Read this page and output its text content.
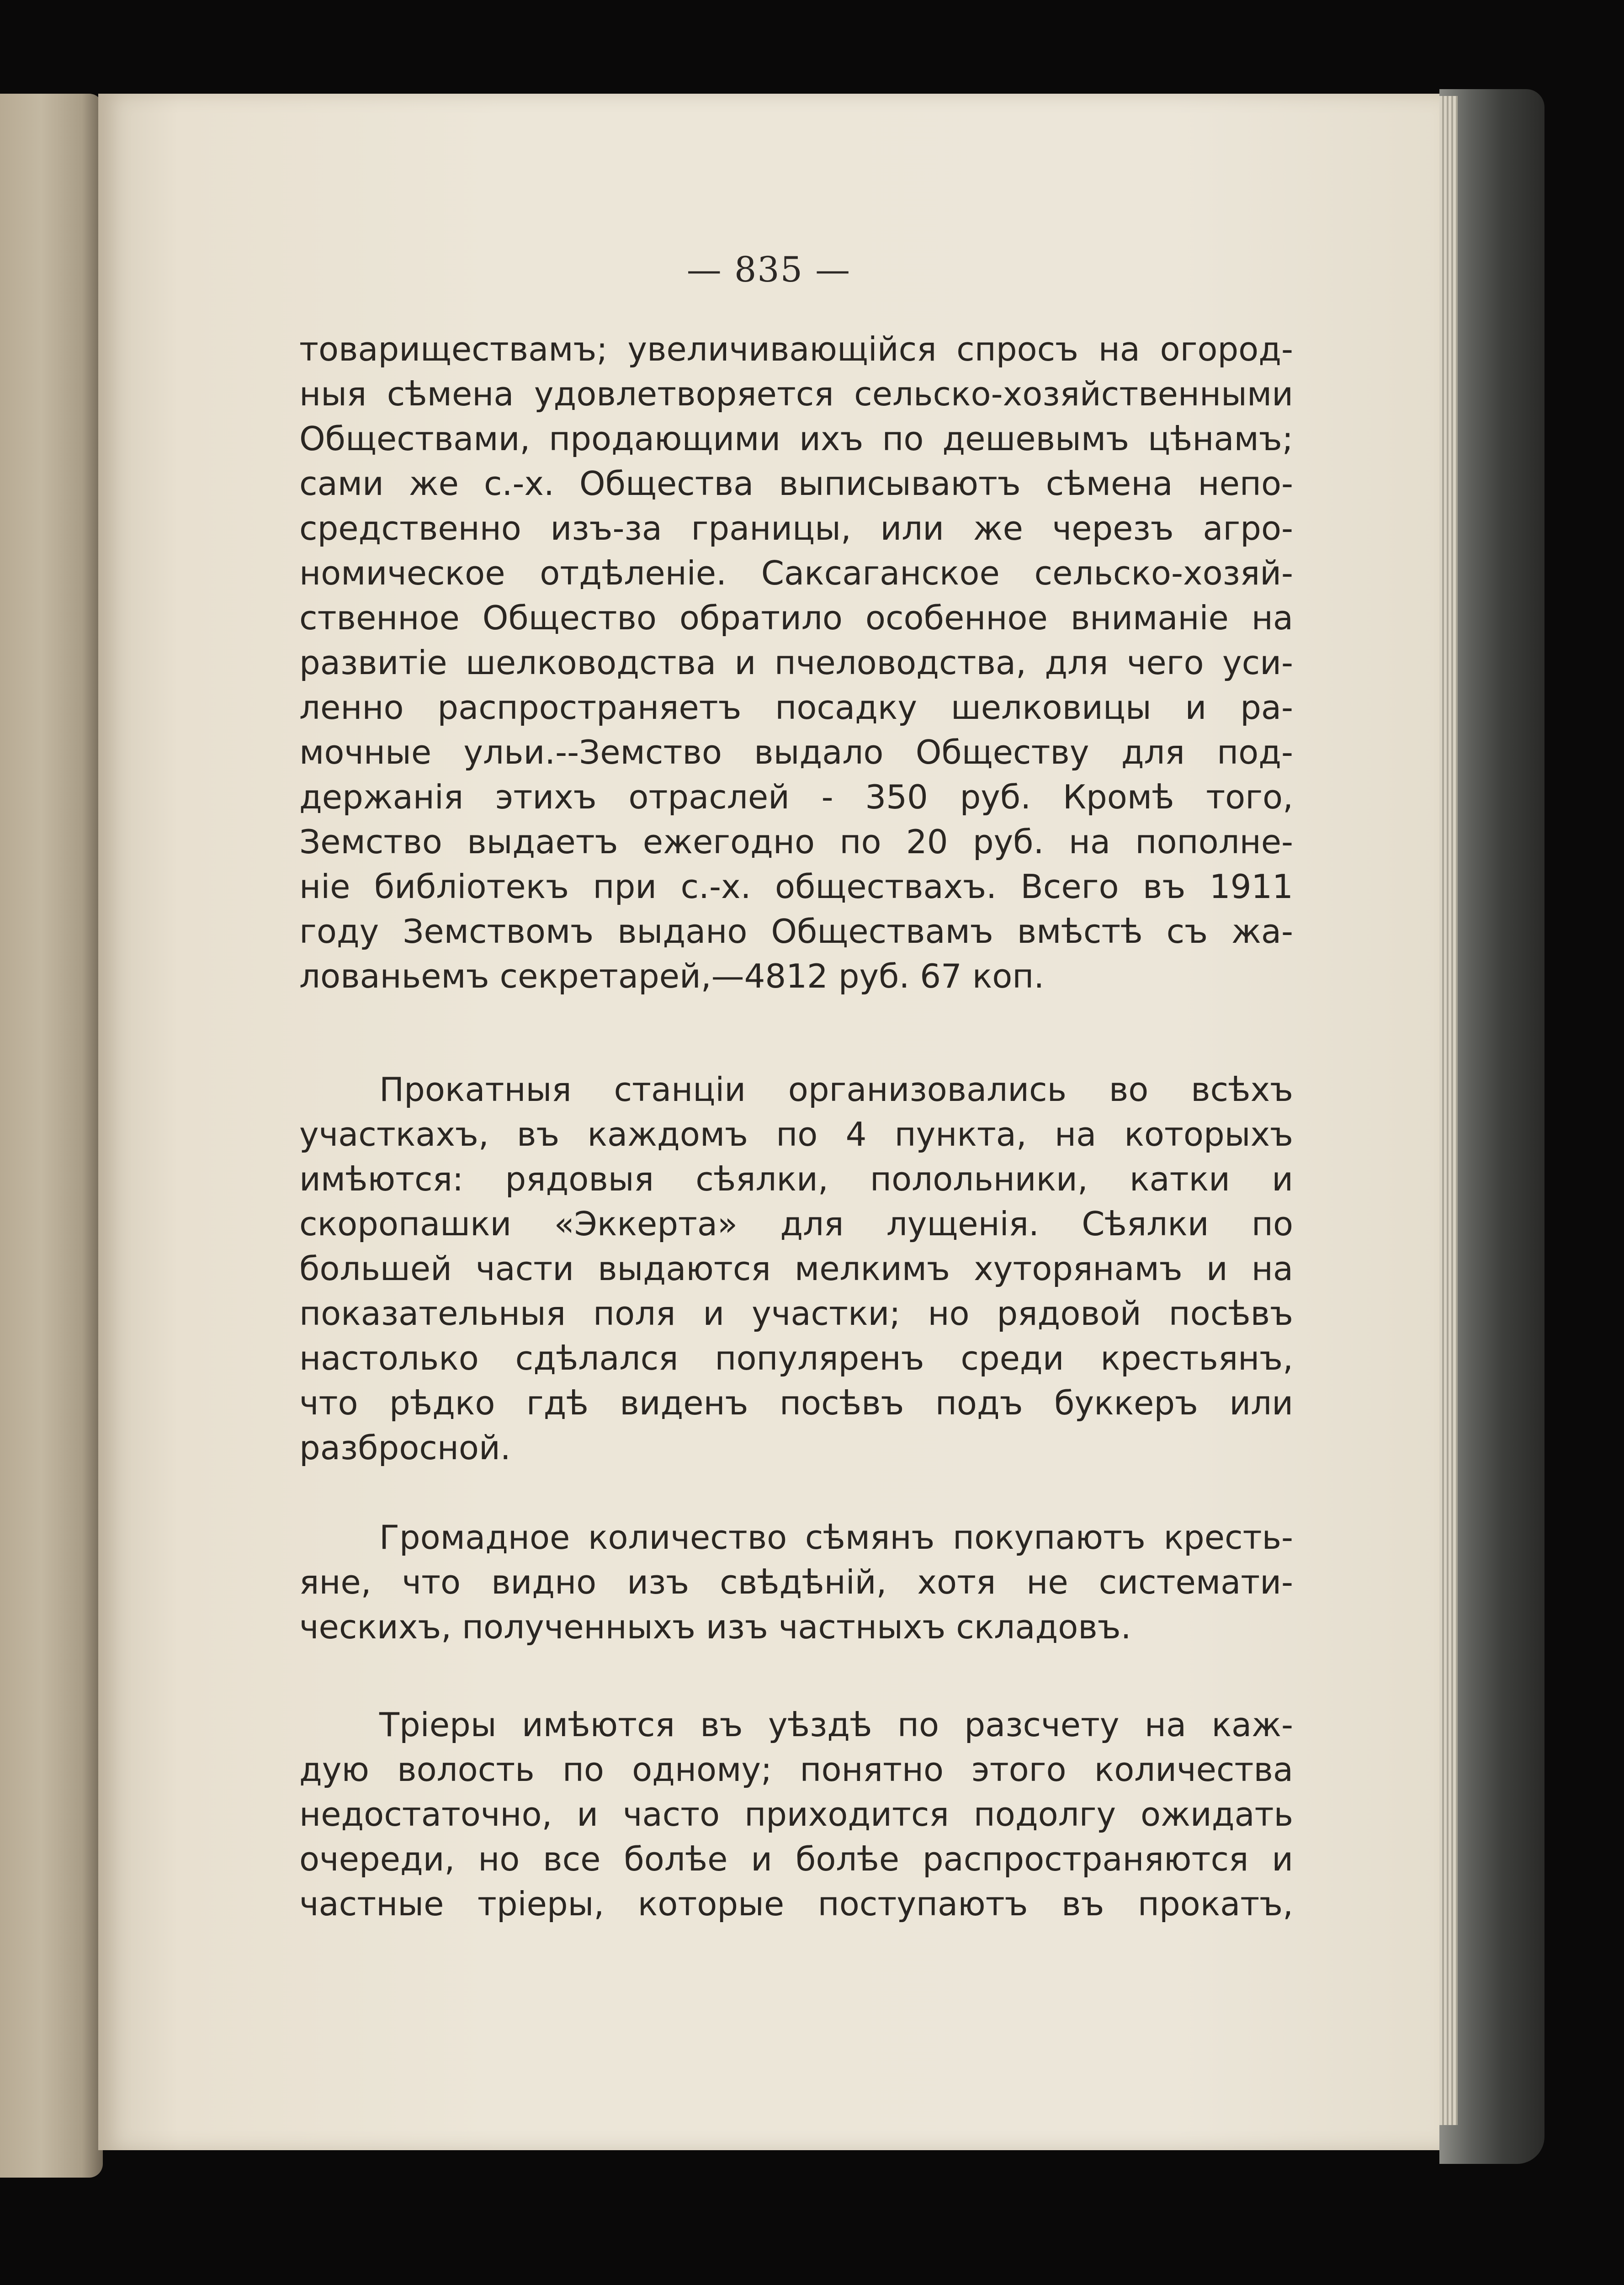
— 835 —
товариществамъ; увеличивающійся спросъ на огород-
ныя сѣмена удовлетворяется сельско-хозяйственными
Обществами, продающими ихъ по дешевымъ цѣнамъ;
сами же с.-х. Общества выписываютъ сѣмена непо-
средственно изъ-за границы, или же черезъ агро-
номическое отдѣленіе. Саксаганское сельско-хозяй-
ственное Общество обратило особенное вниманіе на
развитіе шелководства и пчеловодства, для чего уси-
ленно распространяетъ посадку шелковицы и ра-
мочные ульи.--Земство выдало Обществу для под-
держанія этихъ отраслей - 350 руб. Кромѣ того,
Земство выдаетъ ежегодно по 20 руб. на пополне-
ніе библіотекъ при с.-х. обществахъ. Всего въ 1911
году Земствомъ выдано Обществамъ вмѣстѣ съ жа-
лованьемъ секретарей,—4812 руб. 67 коп.
Прокатныя станціи организовались во всѣхъ
участкахъ, въ каждомъ по 4 пункта, на которыхъ
имѣются: рядовыя сѣялки, полольники, катки и
скоропашки «Эккерта» для лущенія. Сѣялки по
большей части выдаются мелкимъ хуторянамъ и на
показательныя поля и участки; но рядовой посѣвъ
настолько сдѣлался популяренъ среди крестьянъ,
что рѣдко гдѣ виденъ посѣвъ подъ буккеръ или
разбросной.
Громадное количество сѣмянъ покупаютъ кресть-
яне, что видно изъ свѣдѣній, хотя не системати-
ческихъ, полученныхъ изъ частныхъ складовъ.
Тріеры имѣются въ уѣздѣ по разсчету на каж-
дую волость по одному; понятно этого количества
недостаточно, и часто приходится подолгу ожидать
очереди, но все болѣе и болѣе распространяются и
частные тріеры, которые поступаютъ въ прокатъ,
